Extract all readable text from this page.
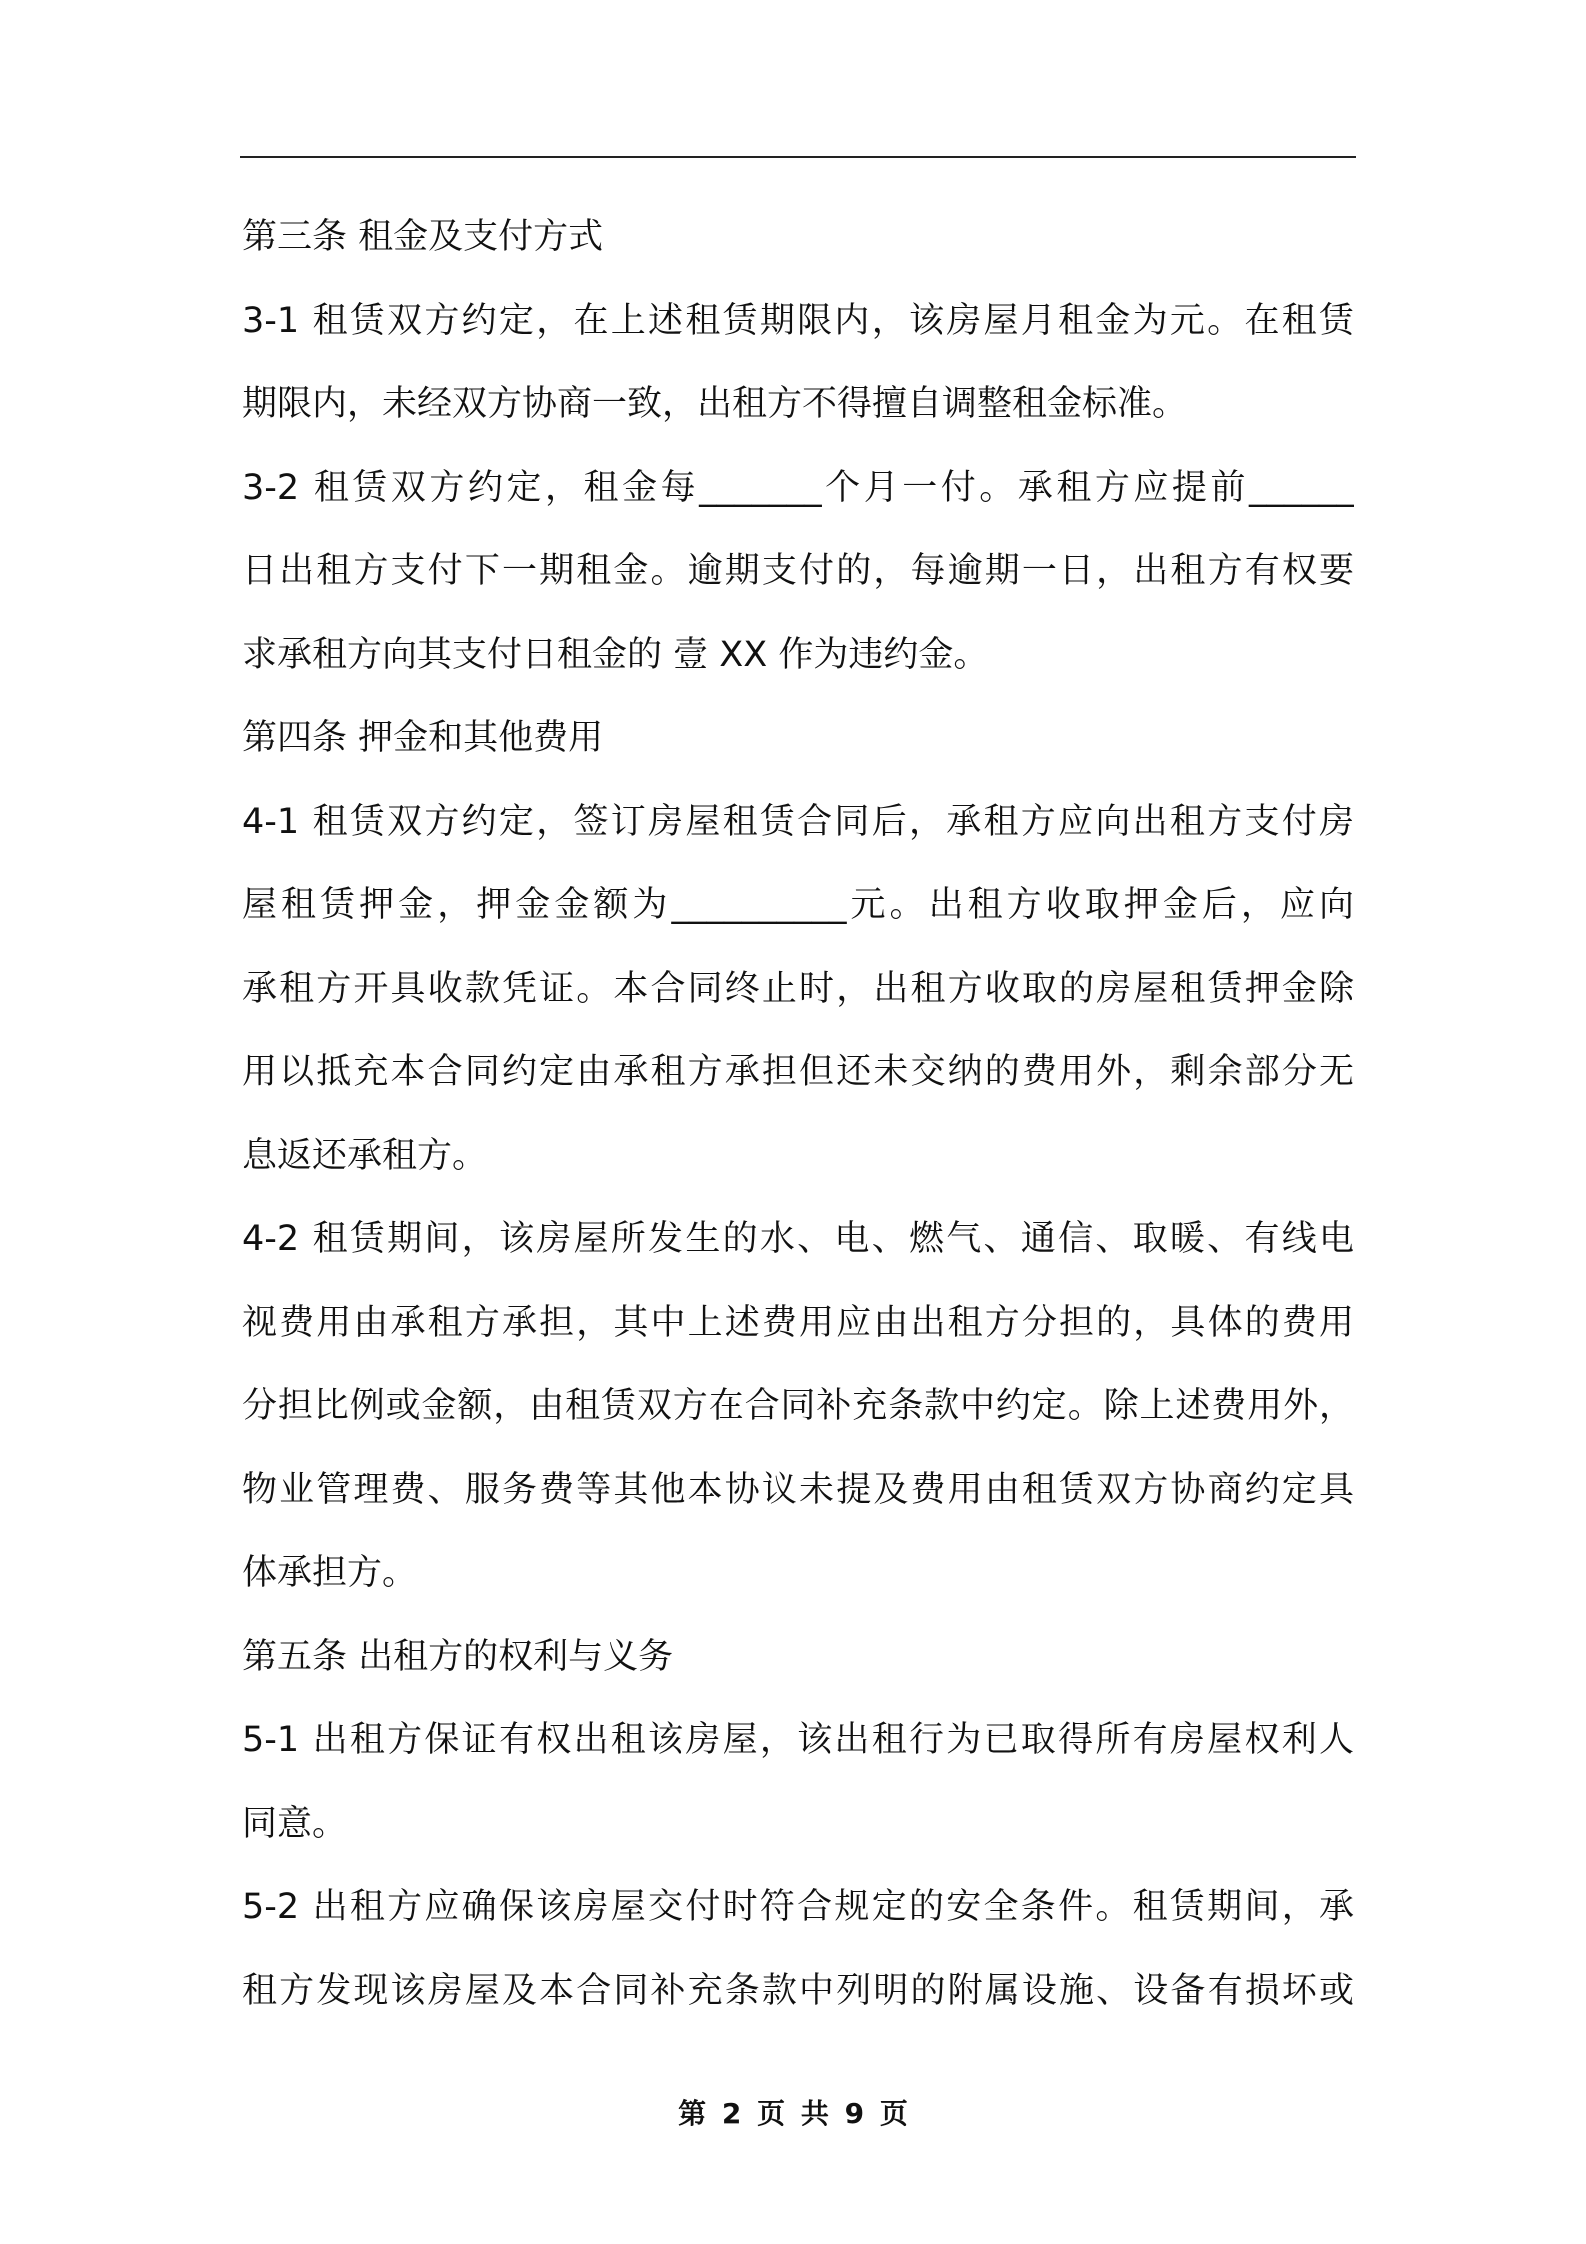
第三条 租金及支付方式
3-1 租赁双方约定，在上述租赁期限内，该房屋月租金为元。在租赁
期限内，未经双方协商一致，出租方不得擅自调整租金标准。
3-2 租赁双方约定，租金每_______个月一付。承租方应提前______
日出租方支付下一期租金。逾期支付的，每逾期一日，出租方有权要
求承租方向其支付日租金的 壹 XX 作为违约金。
第四条 押金和其他费用
4-1 租赁双方约定，签订房屋租赁合同后，承租方应向出租方支付房
屋租赁押金，押金金额为__________元。出租方收取押金后，应向
承租方开具收款凭证。本合同终止时，出租方收取的房屋租赁押金除
用以抵充本合同约定由承租方承担但还未交纳的费用外，剩余部分无
息返还承租方。
4-2 租赁期间，该房屋所发生的水、电、燃气、通信、取暖、有线电
视费用由承租方承担，其中上述费用应由出租方分担的，具体的费用
分担比例或金额，由租赁双方在合同补充条款中约定。除上述费用外，
物业管理费、服务费等其他本协议未提及费用由租赁双方协商约定具
体承担方。
第五条 出租方的权利与义务
5-1 出租方保证有权出租该房屋，该出租行为已取得所有房屋权利人
同意。
5-2 出租方应确保该房屋交付时符合规定的安全条件。租赁期间，承
租方发现该房屋及本合同补充条款中列明的附属设施、设备有损坏或
第 2 页 共 9 页
